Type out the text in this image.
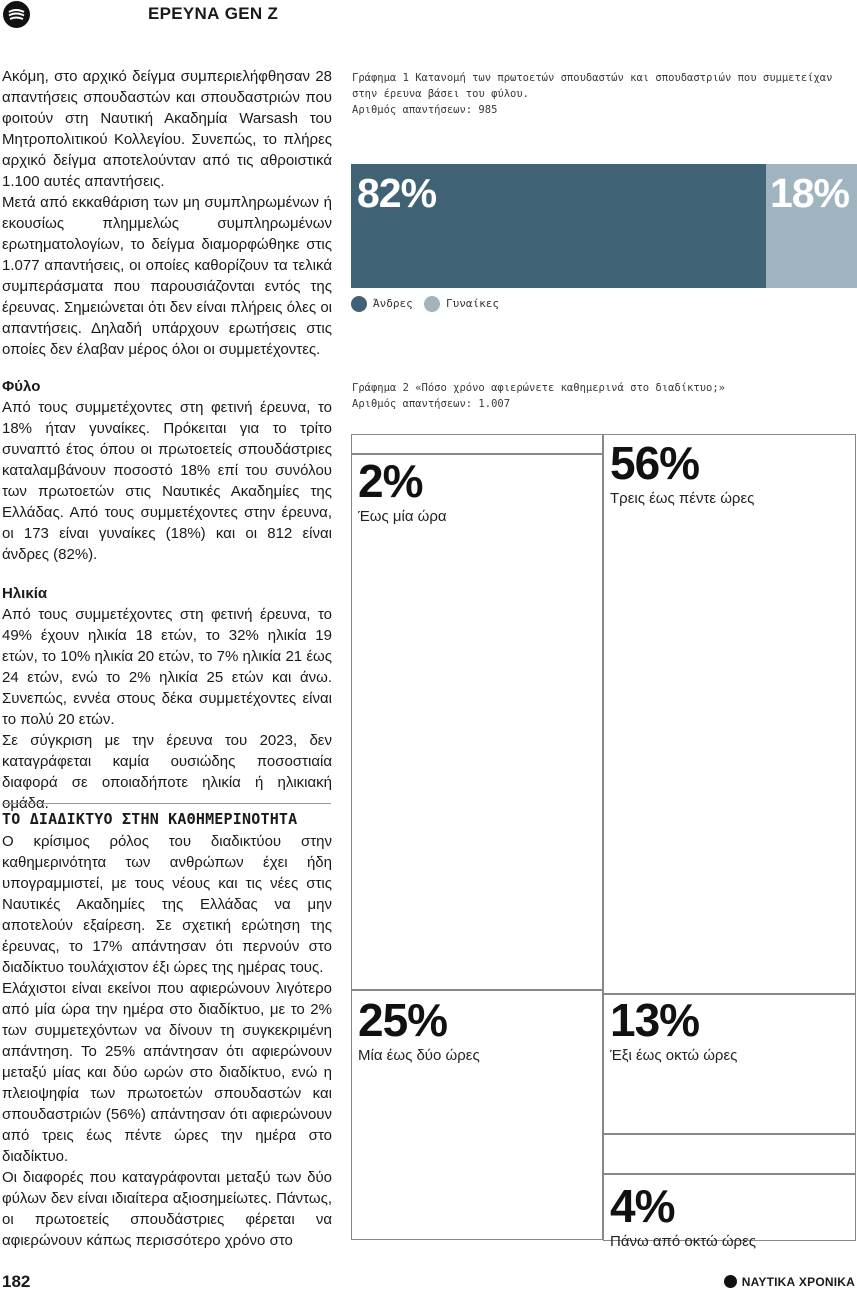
ΕΡΕΥΝΑ GEN Z

Ακόμη, στο αρχικό δείγμα συμπεριελήφθησαν 28 απαντήσεις σπουδαστών και σπουδαστριών που φοιτούν στη Ναυτική Ακαδημία Warsash του Μητροπολιτικού Κολλεγίου. Συνεπώς, το πλήρες αρχικό δείγμα αποτελούνταν από τις αθροιστικά 1.100 αυτές απαντήσεις.

Μετά από εκκαθάριση των μη συμπληρωμένων ή εκουσίως πλημμελώς συμπληρωμένων ερωτηματολογίων, το δείγμα διαμορφώθηκε στις 1.077 απαντήσεις, οι οποίες καθορίζουν τα τελικά συμπεράσματα που παρουσιάζονται εντός της έρευνας. Σημειώνεται ότι δεν είναι πλήρεις όλες οι απαντήσεις. Δηλαδή υπάρχουν ερωτήσεις στις οποίες δεν έλαβαν μέρος όλοι οι συμμετέχοντες.

Φύλο

Από τους συμμετέχοντες στη φετινή έρευνα, το 18% ήταν γυναίκες. Πρόκειται για το τρίτο συναπτό έτος όπου οι πρωτοετείς σπουδάστριες καταλαμβάνουν ποσοστό 18% επί του συνόλου των πρωτοετών στις Ναυτικές Ακαδημίες της Ελλάδας. Από τους συμμετέχοντες στην έρευνα, οι 173 είναι γυναίκες (18%) και οι 812 είναι άνδρες (82%).

Ηλικία

Από τους συμμετέχοντες στη φετινή έρευνα, το 49% έχουν ηλικία 18 ετών, το 32% ηλικία 19 ετών, το 10% ηλικία 20 ετών, το 7% ηλικία 21 έως 24 ετών, ενώ το 2% ηλικία 25 ετών και άνω. Συνεπώς, εννέα στους δέκα συμμετέχοντες είναι το πολύ 20 ετών.

Σε σύγκριση με την έρευνα του 2023, δεν καταγράφεται καμία ουσιώδης ποσοστιαία διαφορά σε οποιαδήποτε ηλικία ή ηλικιακή ομάδα.

ΤΟ ΔΙΑΔΙΚΤΥΟ ΣΤΗΝ ΚΑΘΗΜΕΡΙΝΟΤΗΤΑ

Ο κρίσιμος ρόλος του διαδικτύου στην καθημερινότητα των ανθρώπων έχει ήδη υπογραμμιστεί, με τους νέους και τις νέες στις Ναυτικές Ακαδημίες της Ελλάδας να μην αποτελούν εξαίρεση. Σε σχετική ερώτηση της έρευνας, το 17% απάντησαν ότι περνούν στο διαδίκτυο τουλάχιστον έξι ώρες της ημέρας τους.

Ελάχιστοι είναι εκείνοι που αφιερώνουν λιγότερο από μία ώρα την ημέρα στο διαδίκτυο, με το 2% των συμμετεχόντων να δίνουν τη συγκεκριμένη απάντηση. Το 25% απάντησαν ότι αφιερώνουν μεταξύ μίας και δύο ωρών στο διαδίκτυο, ενώ η πλειοψηφία των πρωτοετών σπουδαστών και σπουδαστριών (56%) απάντησαν ότι αφιερώνουν από τρεις έως πέντε ώρες την ημέρα στο διαδίκτυο.

Οι διαφορές που καταγράφονται μεταξύ των δύο φύλων δεν είναι ιδιαίτερα αξιοσημείωτες. Πάντως, οι πρωτοετείς σπουδάστριες φέρεται να αφιερώνουν κάπως περισσότερο χρόνο στο

Γράφημα 1 Κατανομή των πρωτοετών σπουδαστών και σπουδαστριών που συμμετείχαν
στην έρευνα βάσει του φύλου.
Αριθμός απαντήσεων: 985
82%	18%
Άνδρες	Γυναίκες
Γράφημα 2 «Πόσο χρόνο αφιερώνετε καθημερινά στο διαδίκτυο;»
Αριθμός απαντήσεων: 1.007
2%
Έως μία ώρα
56%
Τρεις έως πέντε ώρες
25%
Μία έως δύο ώρες
13%
Έξι έως οκτώ ώρες
4%
Πάνω από οκτώ ώρες
182	ΝΑΥΤΙΚΑ ΧΡΟΝΙΚΑ
